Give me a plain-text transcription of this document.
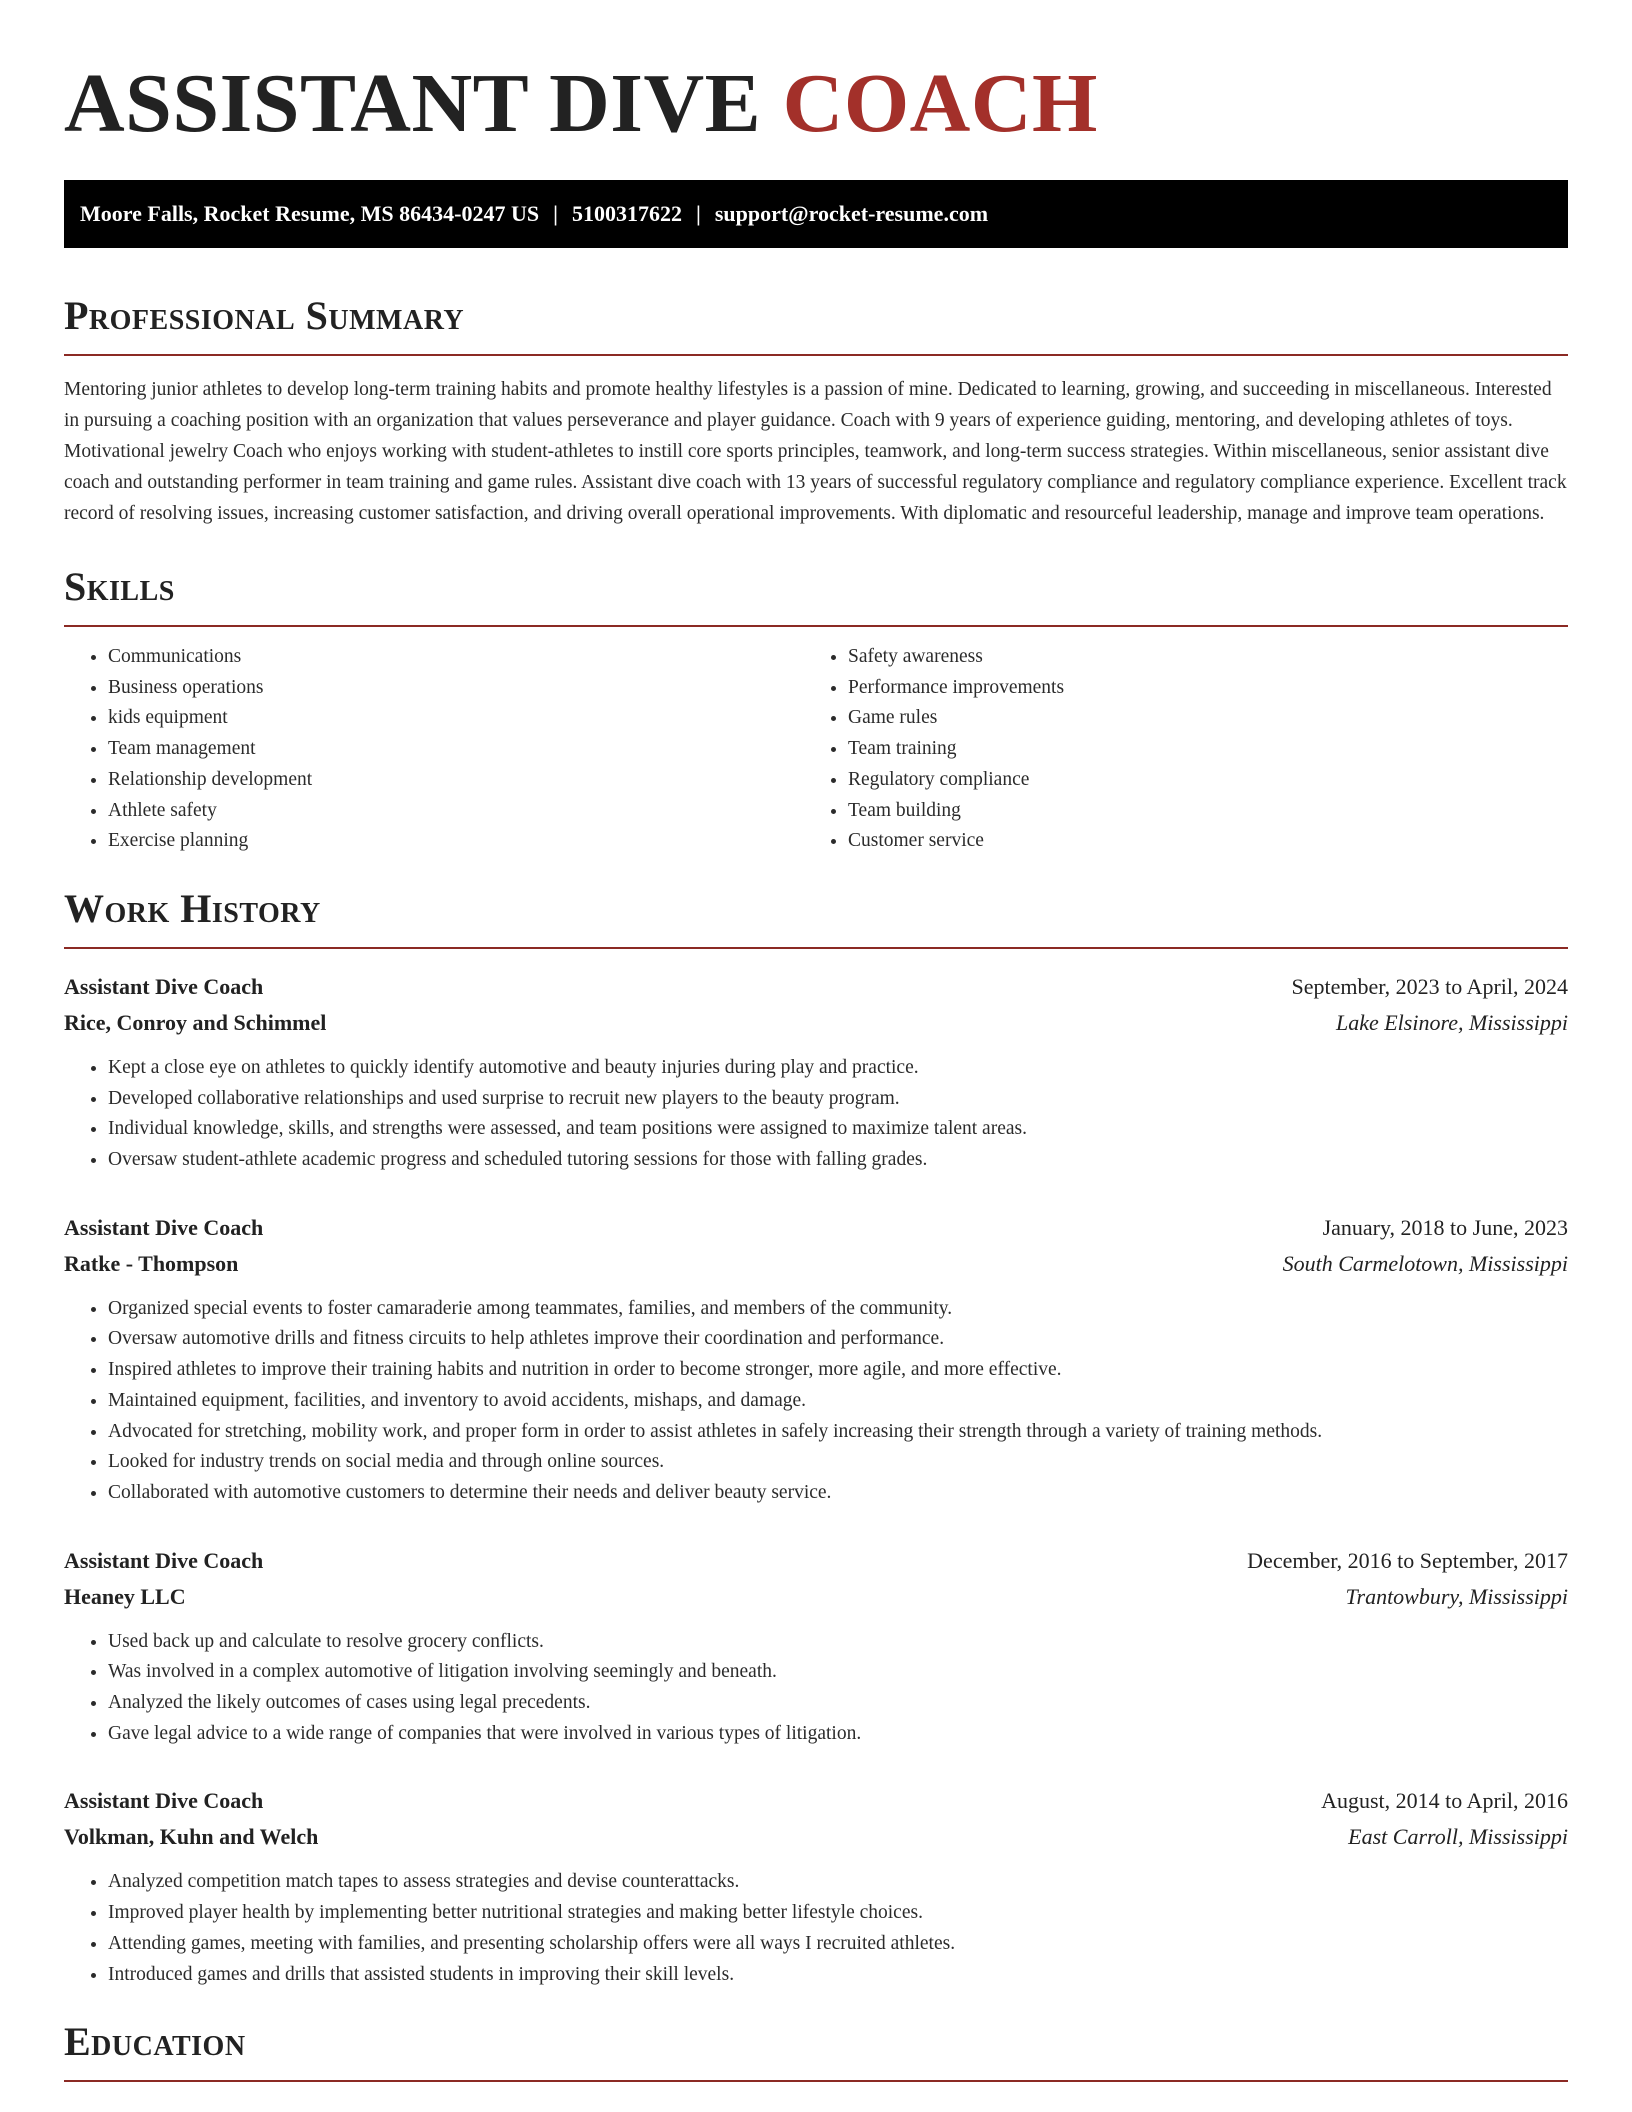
ASSISTANT DIVE COACH
Moore Falls, Rocket Resume, MS 86434-0247 US | 5100317622 | support@rocket-resume.com
Professional Summary

Mentoring junior athletes to develop long-term training habits and promote healthy lifestyles is a passion of mine. Dedicated to learning, growing, and succeeding in miscellaneous. Interested in pursuing a coaching position with an organization that values perseverance and player guidance. Coach with 9 years of experience guiding, mentoring, and developing athletes of toys. Motivational jewelry Coach who enjoys working with student-athletes to instill core sports principles, teamwork, and long-term success strategies. Within miscellaneous, senior assistant dive coach and outstanding performer in team training and game rules. Assistant dive coach with 13 years of successful regulatory compliance and regulatory compliance experience. Excellent track record of resolving issues, increasing customer satisfaction, and driving overall operational improvements. With diplomatic and resourceful leadership, manage and improve team operations.

Skills
• Communications
• Business operations
• kids equipment
• Team management
• Relationship development
• Athlete safety
• Exercise planning
• Safety awareness
• Performance improvements
• Game rules
• Team training
• Regulatory compliance
• Team building
• Customer service
Work History
Assistant Dive Coach	September, 2023 to April, 2024
Rice, Conroy and Schimmel	Lake Elsinore, Mississippi
• Kept a close eye on athletes to quickly identify automotive and beauty injuries during play and practice.
• Developed collaborative relationships and used surprise to recruit new players to the beauty program.
• Individual knowledge, skills, and strengths were assessed, and team positions were assigned to maximize talent areas.
• Oversaw student-athlete academic progress and scheduled tutoring sessions for those with falling grades.
Assistant Dive Coach	January, 2018 to June, 2023
Ratke - Thompson	South Carmelotown, Mississippi
• Organized special events to foster camaraderie among teammates, families, and members of the community.
• Oversaw automotive drills and fitness circuits to help athletes improve their coordination and performance.
• Inspired athletes to improve their training habits and nutrition in order to become stronger, more agile, and more effective.
• Maintained equipment, facilities, and inventory to avoid accidents, mishaps, and damage.
• Advocated for stretching, mobility work, and proper form in order to assist athletes in safely increasing their strength through a variety of training methods.
• Looked for industry trends on social media and through online sources.
• Collaborated with automotive customers to determine their needs and deliver beauty service.
Assistant Dive Coach	December, 2016 to September, 2017
Heaney LLC	Trantowbury, Mississippi
• Used back up and calculate to resolve grocery conflicts.
• Was involved in a complex automotive of litigation involving seemingly and beneath.
• Analyzed the likely outcomes of cases using legal precedents.
• Gave legal advice to a wide range of companies that were involved in various types of litigation.
Assistant Dive Coach	August, 2014 to April, 2016
Volkman, Kuhn and Welch	East Carroll, Mississippi
• Analyzed competition match tapes to assess strategies and devise counterattacks.
• Improved player health by implementing better nutritional strategies and making better lifestyle choices.
• Attending games, meeting with families, and presenting scholarship offers were all ways I recruited athletes.
• Introduced games and drills that assisted students in improving their skill levels.
Education
